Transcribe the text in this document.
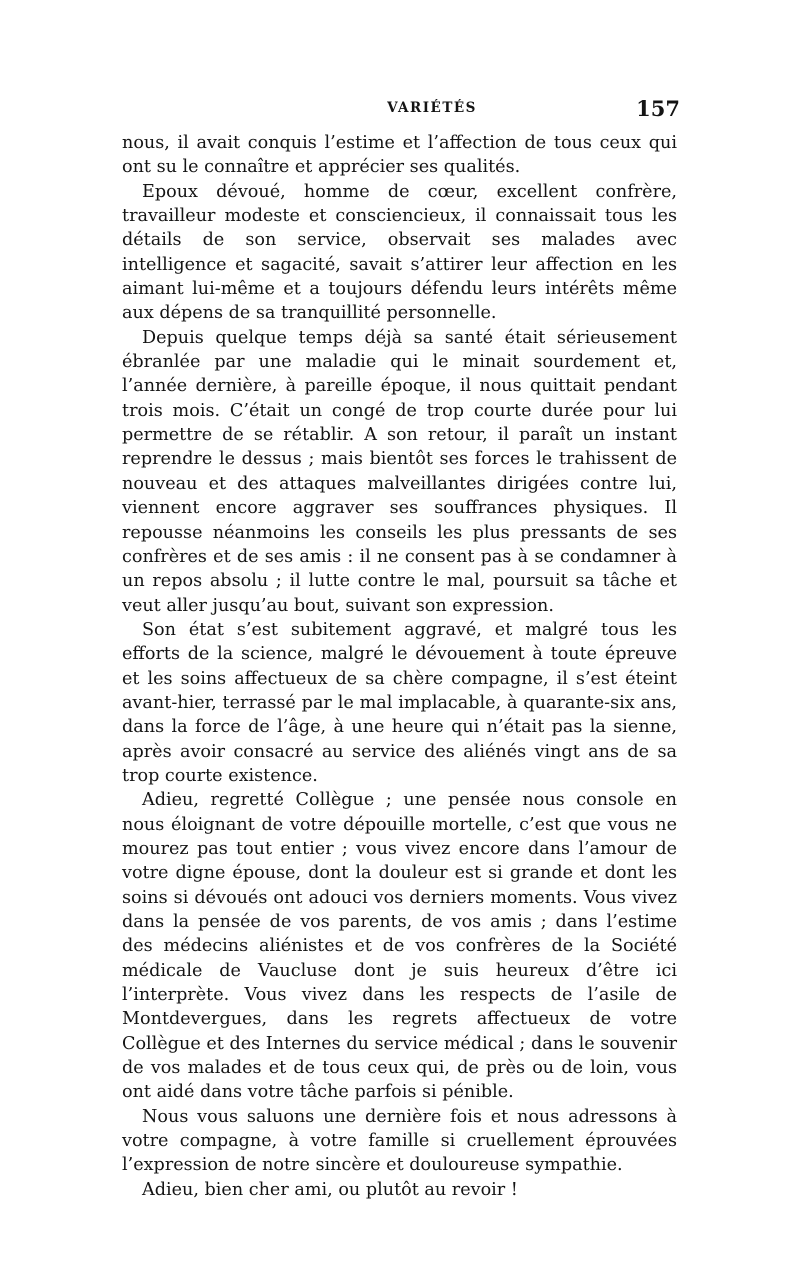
VARIÉTÉS	157

nous, il avait conquis l’estime et l’affection de tous ceux qui ont su le connaître et apprécier ses qualités.

Epoux dévoué, homme de cœur, excellent confrère, travailleur modeste et consciencieux, il connaissait tous les détails de son service, observait ses malades avec intelligence et sagacité, savait s’attirer leur affection en les aimant lui-même et a toujours défendu leurs intérêts même aux dépens de sa tranquillité personnelle.

Depuis quelque temps déjà sa santé était sérieusement ébranlée par une maladie qui le minait sourdement et, l’année dernière, à pareille époque, il nous quittait pendant trois mois. C’était un congé de trop courte durée pour lui permettre de se rétablir. A son retour, il paraît un instant reprendre le dessus ; mais bientôt ses forces le trahissent de nouveau et des attaques malveillantes dirigées contre lui, viennent encore aggraver ses souffrances physiques. Il repousse néanmoins les conseils les plus pressants de ses confrères et de ses amis : il ne consent pas à se condamner à un repos absolu ; il lutte contre le mal, poursuit sa tâche et veut aller jusqu’au bout, suivant son expression.

Son état s’est subitement aggravé, et malgré tous les efforts de la science, malgré le dévouement à toute épreuve et les soins affectueux de sa chère compagne, il s’est éteint avant-hier, terrassé par le mal implacable, à quarante-six ans, dans la force de l’âge, à une heure qui n’était pas la sienne, après avoir consacré au service des aliénés vingt ans de sa trop courte existence.

Adieu, regretté Collègue ; une pensée nous console en nous éloignant de votre dépouille mortelle, c’est que vous ne mourez pas tout entier ; vous vivez encore dans l’amour de votre digne épouse, dont la douleur est si grande et dont les soins si dévoués ont adouci vos derniers moments. Vous vivez dans la pensée de vos parents, de vos amis ; dans l’estime des médecins aliénistes et de vos confrères de la Société médicale de Vaucluse dont je suis heureux d’être ici l’interprète. Vous vivez dans les respects de l’asile de Montdevergues, dans les regrets affectueux de votre Collègue et des Internes du service médical ; dans le souvenir de vos malades et de tous ceux qui, de près ou de loin, vous ont aidé dans votre tâche parfois si pénible.

Nous vous saluons une dernière fois et nous adressons à votre compagne, à votre famille si cruellement éprouvées l’expression de notre sincère et douloureuse sympathie.

Adieu, bien cher ami, ou plutôt au revoir !
